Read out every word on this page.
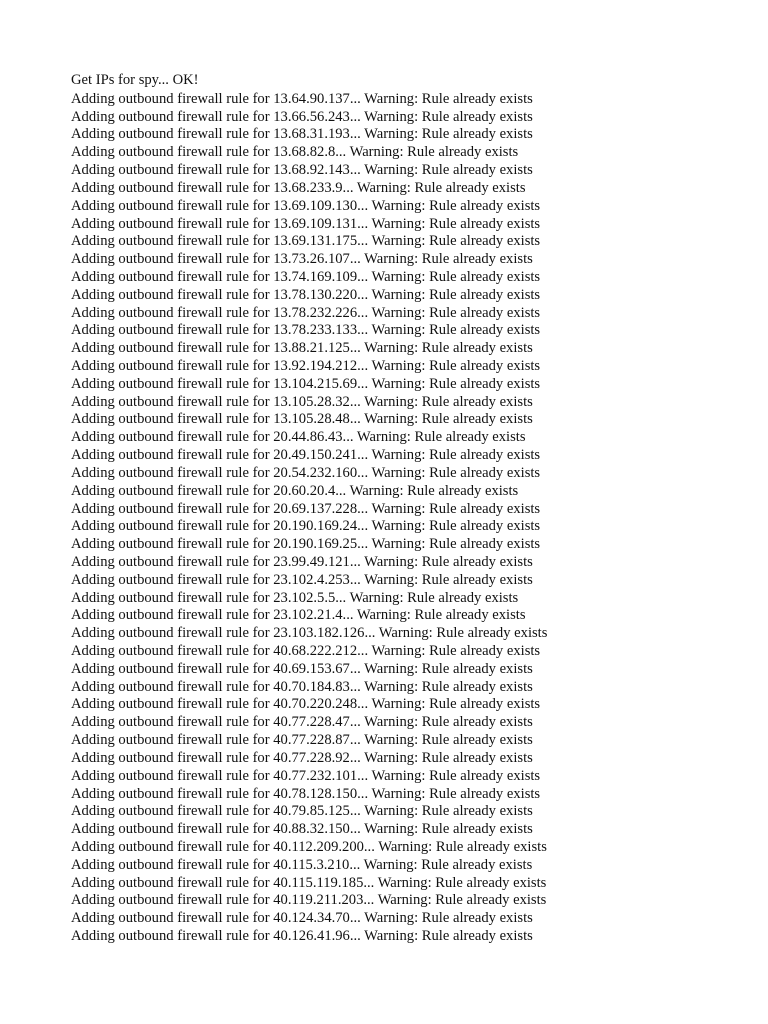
Get IPs for spy... OK!

Adding outbound firewall rule for 13.64.90.137... Warning: Rule already exists

Adding outbound firewall rule for 13.66.56.243... Warning: Rule already exists

Adding outbound firewall rule for 13.68.31.193... Warning: Rule already exists

Adding outbound firewall rule for 13.68.82.8... Warning: Rule already exists

Adding outbound firewall rule for 13.68.92.143... Warning: Rule already exists

Adding outbound firewall rule for 13.68.233.9... Warning: Rule already exists

Adding outbound firewall rule for 13.69.109.130... Warning: Rule already exists

Adding outbound firewall rule for 13.69.109.131... Warning: Rule already exists

Adding outbound firewall rule for 13.69.131.175... Warning: Rule already exists

Adding outbound firewall rule for 13.73.26.107... Warning: Rule already exists

Adding outbound firewall rule for 13.74.169.109... Warning: Rule already exists

Adding outbound firewall rule for 13.78.130.220... Warning: Rule already exists

Adding outbound firewall rule for 13.78.232.226... Warning: Rule already exists

Adding outbound firewall rule for 13.78.233.133... Warning: Rule already exists

Adding outbound firewall rule for 13.88.21.125... Warning: Rule already exists

Adding outbound firewall rule for 13.92.194.212... Warning: Rule already exists

Adding outbound firewall rule for 13.104.215.69... Warning: Rule already exists

Adding outbound firewall rule for 13.105.28.32... Warning: Rule already exists

Adding outbound firewall rule for 13.105.28.48... Warning: Rule already exists

Adding outbound firewall rule for 20.44.86.43... Warning: Rule already exists

Adding outbound firewall rule for 20.49.150.241... Warning: Rule already exists

Adding outbound firewall rule for 20.54.232.160... Warning: Rule already exists

Adding outbound firewall rule for 20.60.20.4... Warning: Rule already exists

Adding outbound firewall rule for 20.69.137.228... Warning: Rule already exists

Adding outbound firewall rule for 20.190.169.24... Warning: Rule already exists

Adding outbound firewall rule for 20.190.169.25... Warning: Rule already exists

Adding outbound firewall rule for 23.99.49.121... Warning: Rule already exists

Adding outbound firewall rule for 23.102.4.253... Warning: Rule already exists

Adding outbound firewall rule for 23.102.5.5... Warning: Rule already exists

Adding outbound firewall rule for 23.102.21.4... Warning: Rule already exists

Adding outbound firewall rule for 23.103.182.126... Warning: Rule already exists

Adding outbound firewall rule for 40.68.222.212... Warning: Rule already exists

Adding outbound firewall rule for 40.69.153.67... Warning: Rule already exists

Adding outbound firewall rule for 40.70.184.83... Warning: Rule already exists

Adding outbound firewall rule for 40.70.220.248... Warning: Rule already exists

Adding outbound firewall rule for 40.77.228.47... Warning: Rule already exists

Adding outbound firewall rule for 40.77.228.87... Warning: Rule already exists

Adding outbound firewall rule for 40.77.228.92... Warning: Rule already exists

Adding outbound firewall rule for 40.77.232.101... Warning: Rule already exists

Adding outbound firewall rule for 40.78.128.150... Warning: Rule already exists

Adding outbound firewall rule for 40.79.85.125... Warning: Rule already exists

Adding outbound firewall rule for 40.88.32.150... Warning: Rule already exists

Adding outbound firewall rule for 40.112.209.200... Warning: Rule already exists

Adding outbound firewall rule for 40.115.3.210... Warning: Rule already exists

Adding outbound firewall rule for 40.115.119.185... Warning: Rule already exists

Adding outbound firewall rule for 40.119.211.203... Warning: Rule already exists

Adding outbound firewall rule for 40.124.34.70... Warning: Rule already exists

Adding outbound firewall rule for 40.126.41.96... Warning: Rule already exists
